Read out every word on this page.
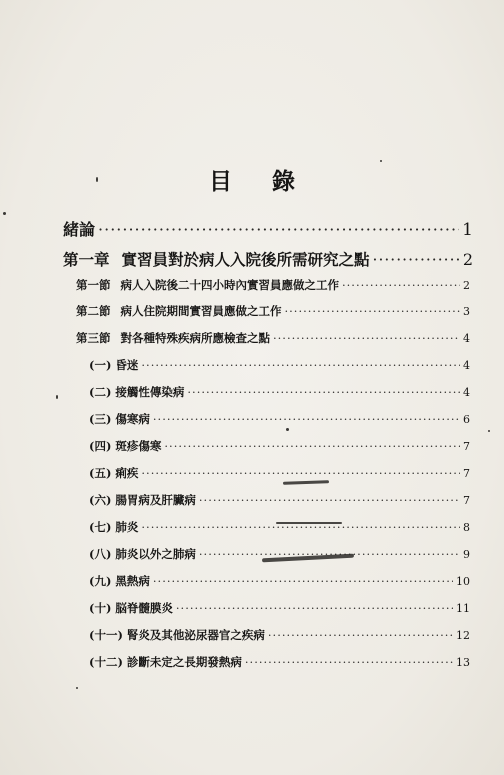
目 錄
緒論 ·····	1
第一章 實習員對於病人入院後所需研究之點 ·····	2
第一節 病人入院後二十四小時內實習員應做之工作 ·····	2
第二節 病人住院期間實習員應做之工作 ·····	3
第三節 對各種特殊疾病所應檢查之點 ·····	4
(一) 昏迷 ·····	4
(二) 接觸性傳染病 ·····	4
(三) 傷寒病 ·····	6
(四) 斑疹傷寒 ·····	7
(五) 痢疾 ·····	7
(六) 腸胃病及肝臟病 ·····	7
(七) 肺炎 ·····	8
(八) 肺炎以外之肺病 ·····	9
(九) 黑熱病 ·····	10
(十) 脳脊髓膜炎 ·····	11
(十一) 腎炎及其他泌尿器官之疾病 ·····	12
(十二) 診斷未定之長期發熱病 ·····	13
